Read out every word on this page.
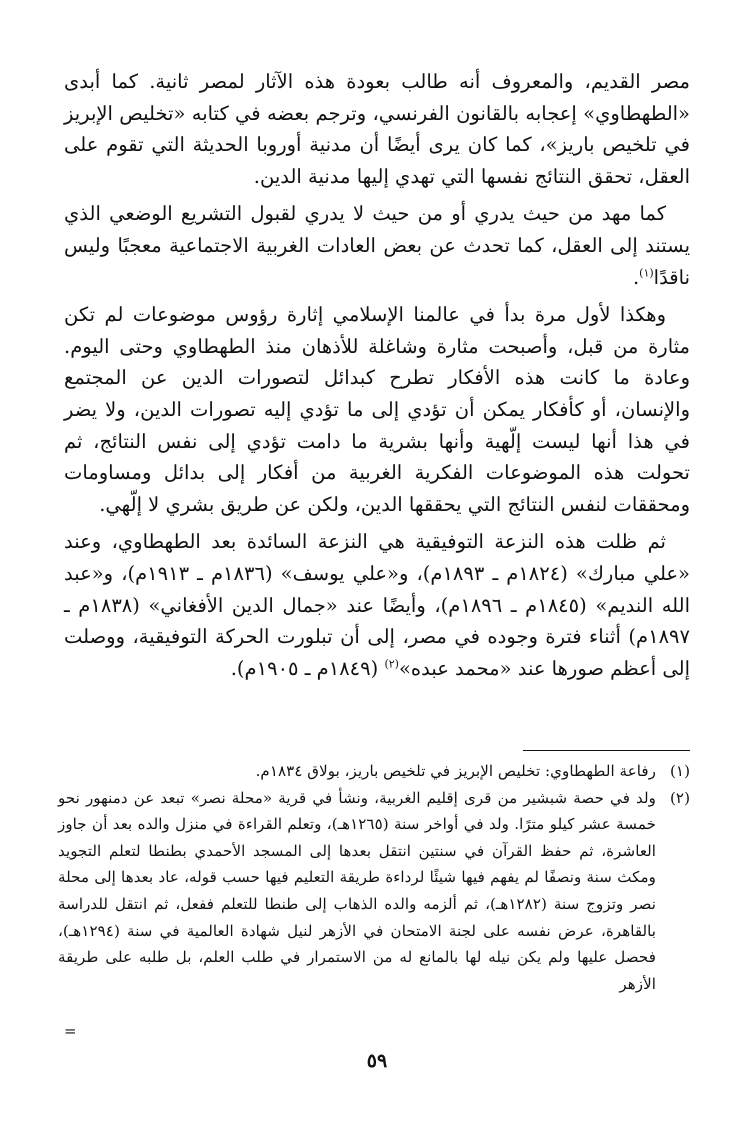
مصر القديم، والمعروف أنه طالب بعودة هذه الآثار لمصر ثانية. كما أبدى «الطهطاوي» إعجابه بالقانون الفرنسي، وترجم بعضه في كتابه «تخليص الإبريز في تلخيص باريز»، كما كان يرى أيضًا أن مدنية أوروبا الحديثة التي تقوم على العقل، تحقق النتائج نفسها التي تهدي إليها مدنية الدين.

كما مهد من حيث يدري أو من حيث لا يدري لقبول التشريع الوضعي الذي يستند إلى العقل، كما تحدث عن بعض العادات الغربية الاجتماعية معجبًا وليس ناقدًا$^{(١)}$.

وهكذا لأول مرة بدأ في عالمنا الإسلامي إثارة رؤوس موضوعات لم تكن مثارة من قبل، وأصبحت مثارة وشاغلة للأذهان منذ الطهطاوي وحتى اليوم. وعادة ما كانت هذه الأفكار تطرح كبدائل لتصورات الدين عن المجتمع والإنسان، أو كأفكار يمكن أن تؤدي إلى ما تؤدي إليه تصورات الدين، ولا يضر في هذا أنها ليست إلّهية وأنها بشرية ما دامت تؤدي إلى نفس النتائج، ثم تحولت هذه الموضوعات الفكرية الغربية من أفكار إلى بدائل ومساومات ومحققات لنفس النتائج التي يحققها الدين، ولكن عن طريق بشري لا إلّهي.

ثم ظلت هذه النزعة التوفيقية هي النزعة السائدة بعد الطهطاوي، وعند «علي مبارك» (١٨٢٤م ـ ١٨٩٣م)، و«علي يوسف» (١٨٣٦م ـ ١٩١٣م)، و«عبد الله النديم» (١٨٤٥م ـ ١٨٩٦م)، وأيضًا عند «جمال الدين الأفغاني» (١٨٣٨م ـ ١٨٩٧م) أثناء فترة وجوده في مصر، إلى أن تبلورت الحركة التوفيقية، ووصلت إلى أعظم صورها عند «محمد عبده»$^{(٢)}$ (١٨٤٩م ـ ١٩٠٥م).

(١)
رفاعة الطهطاوي: تخليص الإبريز في تلخيص باريز، بولاق ١٨٣٤م.
(٢)
ولد في حصة شبشير من قرى إقليم الغربية، ونشأ في قرية «محلة نصر» تبعد عن دمنهور نحو خمسة عشر كيلو مترًا. ولد في أواخر سنة (١٢٦٥هـ)، وتعلم القراءة في منزل والده بعد أن جاوز العاشرة، ثم حفظ القرآن في سنتين انتقل بعدها إلى المسجد الأحمدي بطنطا لتعلم التجويد ومكث سنة ونصفًا لم يفهم فيها شيئًا لرداءة طريقة التعليم فيها حسب قوله، عاد بعدها إلى محلة نصر وتزوج سنة (١٢٨٢هـ)، ثم ألزمه والده الذهاب إلى طنطا للتعلم ففعل، ثم انتقل للدراسة بالقاهرة، عرض نفسه على لجنة الامتحان في الأزهر لنيل شهادة العالمية في سنة (١٢٩٤هـ)، فحصل عليها ولم يكن نيله لها بالمانع له من الاستمرار في طلب العلم، بل طلبه على طريقة الأزهر
=
٥٩
